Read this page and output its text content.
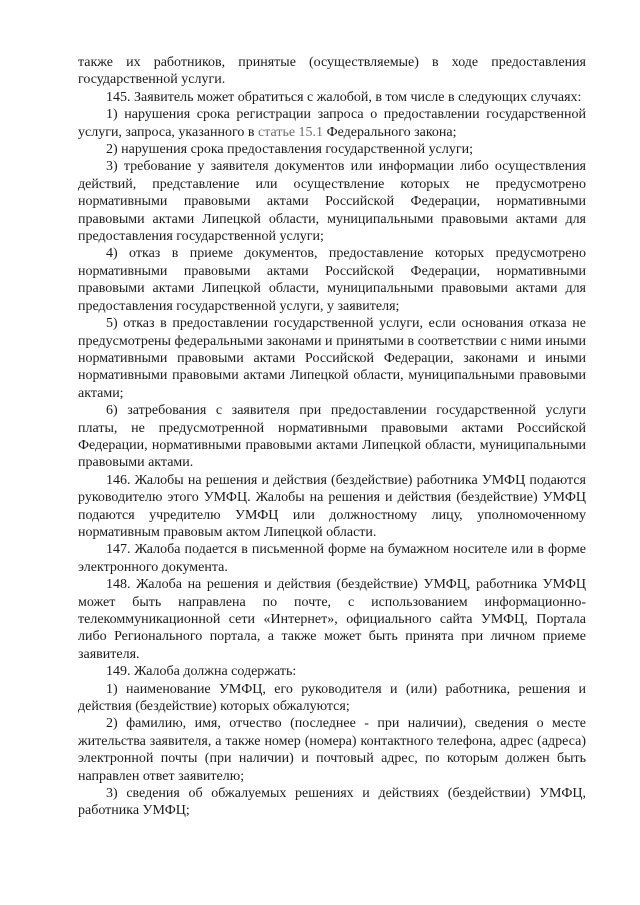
также их работников, принятые (осуществляемые) в ходе предоставления государственной услуги.

145. Заявитель может обратиться с жалобой, в том числе в следующих случаях:

1) нарушения срока регистрации запроса о предоставлении государственной услуги, запроса, указанного в статье 15.1 Федерального закона;

2) нарушения срока предоставления государственной услуги;

3) требование у заявителя документов или информации либо осуществления действий, представление или осуществление которых не предусмотрено нормативными правовыми актами Российской Федерации, нормативными правовыми актами Липецкой области, муниципальными правовыми актами для предоставления государственной услуги;

4) отказ в приеме документов, предоставление которых предусмотрено нормативными правовыми актами Российской Федерации, нормативными правовыми актами Липецкой области, муниципальными правовыми актами для предоставления государственной услуги, у заявителя;

5) отказ в предоставлении государственной услуги, если основания отказа не предусмотрены федеральными законами и принятыми в соответствии с ними иными нормативными правовыми актами Российской Федерации, законами и иными нормативными правовыми актами Липецкой области, муниципальными правовыми актами;

6) затребования с заявителя при предоставлении государственной услуги платы, не предусмотренной нормативными правовыми актами Российской Федерации, нормативными правовыми актами Липецкой области, муниципальными правовыми актами.

146. Жалобы на решения и действия (бездействие) работника УМФЦ подаются руководителю этого УМФЦ. Жалобы на решения и действия (бездействие) УМФЦ подаются учредителю УМФЦ или должностному лицу, уполномоченному нормативным правовым актом Липецкой области.

147. Жалоба подается в письменной форме на бумажном носителе или в форме электронного документа.

148. Жалоба на решения и действия (бездействие) УМФЦ, работника УМФЦ может быть направлена по почте, с использованием информационно-телекоммуникационной сети «Интернет», официального сайта УМФЦ, Портала либо Регионального портала, а также может быть принята при личном приеме заявителя.

149. Жалоба должна содержать:

1) наименование УМФЦ, его руководителя и (или) работника, решения и действия (бездействие) которых обжалуются;

2) фамилию, имя, отчество (последнее - при наличии), сведения о месте жительства заявителя, а также номер (номера) контактного телефона, адрес (адреса) электронной почты (при наличии) и почтовый адрес, по которым должен быть направлен ответ заявителю;

3) сведения об обжалуемых решениях и действиях (бездействии) УМФЦ, работника УМФЦ;
